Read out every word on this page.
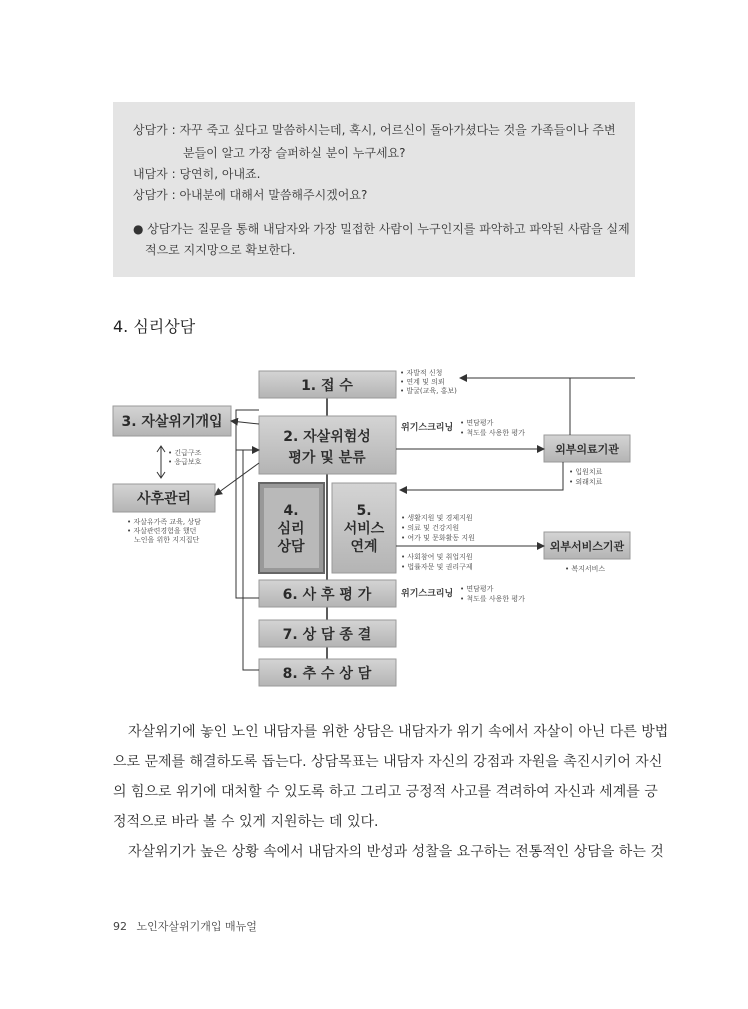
상담가 : 자꾸 죽고 싶다고 말씀하시는데, 혹시, 어르신이 돌아가셨다는 것을 가족들이나 주변
분들이 알고 가장 슬퍼하실 분이 누구세요?
내담자 : 당연히, 아내죠.
상담가 : 아내분에 대해서 말씀해주시겠어요?
● 상담가는 질문을 통해 내담자와 가장 밀접한 사람이 누구인지를 파악하고 파악된 사람을 실제
적으로 지지망으로 확보한다.
4. 심리상담
1. 접 수
3. 자살위기개입
2. 자살위험성
평가 및 분류
사후관리
4.
심리
상담
5.
서비스
연계
6. 사 후 평 가
7. 상 담 종 결
8. 추 수 상 담
외부의료기관
외부서비스기관
• 자발적 신청
• 연계 및 의뢰
• 발굴(교육, 홍보)
• 긴급구조
• 응급보호
• 자살유가족 교육, 상담
• 자살관련경험을 했던
노인을 위한 지지집단
위기스크리닝 • 면담평가
• 척도를 사용한 평가
• 입원치료
• 외래치료
• 생활지원 및 경제지원
• 의료 및 건강지원
• 여가 및 문화활동 지원
• 사회참여 및 취업지원
• 법률자문 및 권리구제	• 복지서비스
위기스크리닝 • 면담평가
• 척도를 사용한 평가
자살위기에 놓인 노인 내담자를 위한 상담은 내담자가 위기 속에서 자살이 아닌 다른 방법
으로 문제를 해결하도록 돕는다. 상담목표는 내담자 자신의 강점과 자원을 촉진시키어 자신
의 힘으로 위기에 대처할 수 있도록 하고 그리고 긍정적 사고를 격려하여 자신과 세계를 긍
정적으로 바라 볼 수 있게 지원하는 데 있다.
자살위기가 높은 상황 속에서 내담자의 반성과 성찰을 요구하는 전통적인 상담을 하는 것
92 노인자살위기개입 매뉴얼
